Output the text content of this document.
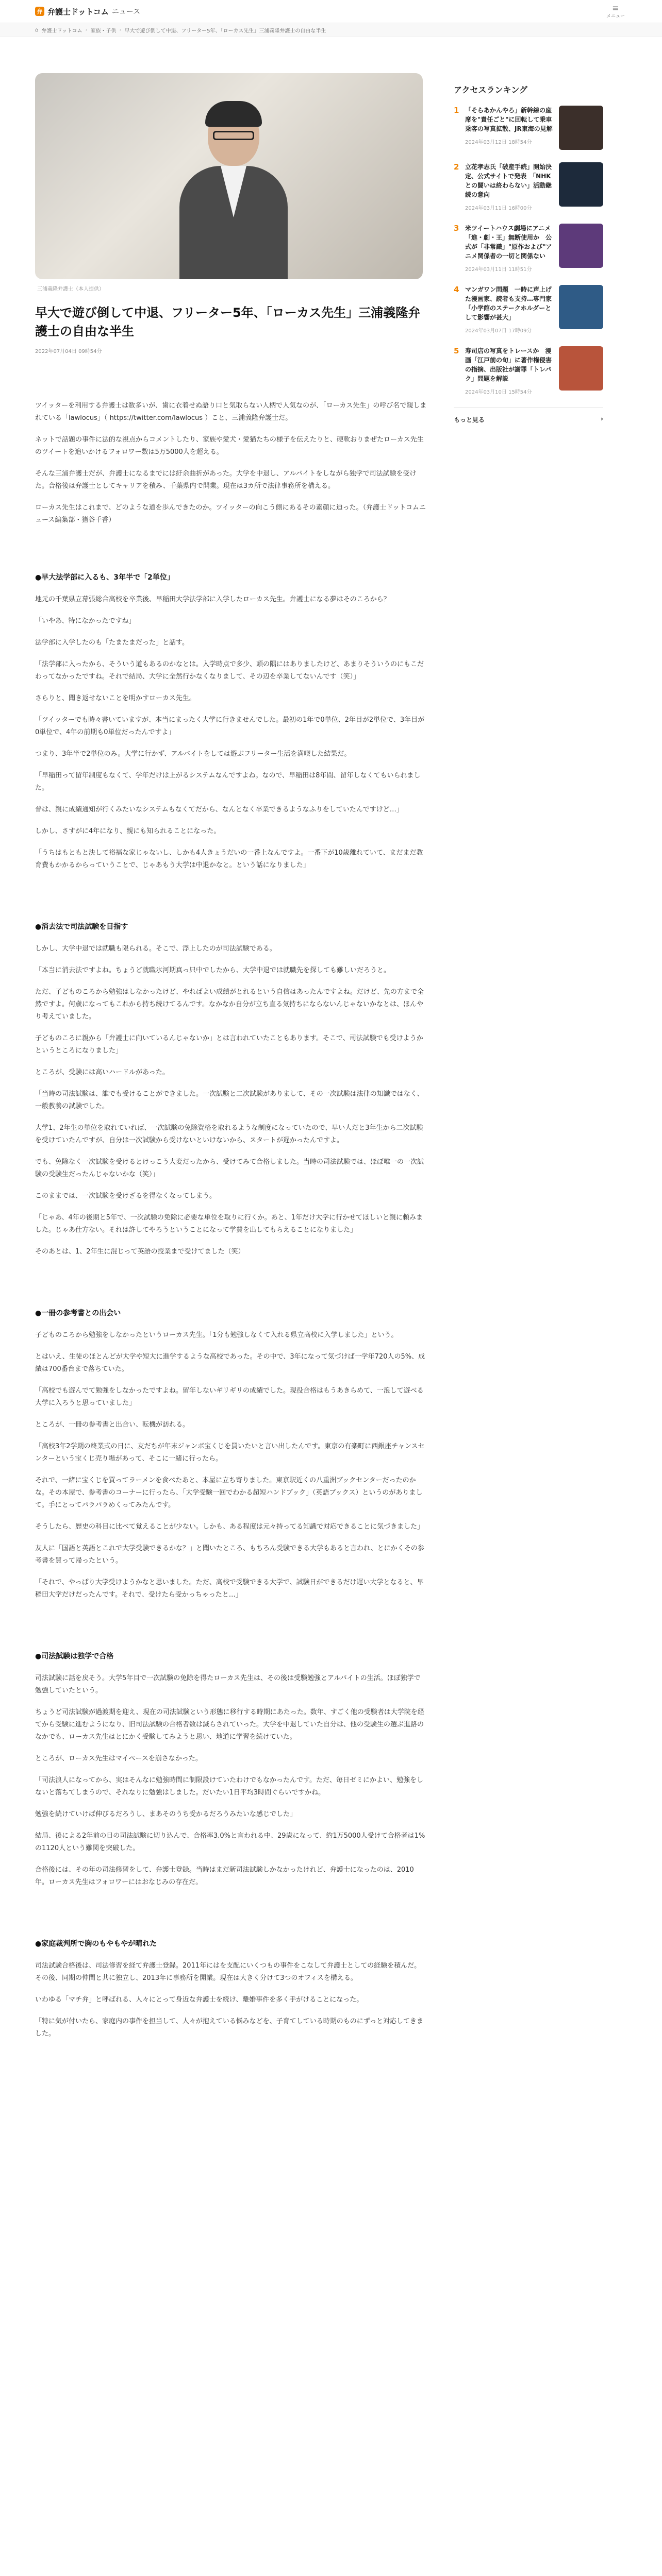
弁 弁護士ドットコム ニュース	≡
メニュー
⌂ 弁護士ドットコム › 家族・子供 › 早大で遊び倒して中退、フリーター5年、「ローカス先生」三浦義隆弁護士の自由な半生
三浦義隆弁護士（本人提供）
早大で遊び倒して中退、フリーター5年、「ローカス先生」三浦義隆弁護士の自由な半生
2022年07月04日 09時54分

ツイッターを利用する弁護士は数多いが、歯に衣着せぬ語り口と気取らない人柄で人気なのが、「ローカス先生」の呼び名で親しまれている「lawlocus」（ https://twitter.com/lawlocus ）こと、三浦義隆弁護士だ。

ネットで話題の事件に法的な視点からコメントしたり、家族や愛犬・愛猫たちの様子を伝えたりと、硬軟おりまぜたローカス先生のツイートを追いかけるフォロワー数は5万5000人を超える。

そんな三浦弁護士だが、弁護士になるまでには紆余曲折があった。大学を中退し、アルバイトをしながら独学で司法試験を受けた。合格後は弁護士としてキャリアを積み、千葉県内で開業。現在は3カ所で法律事務所を構える。

ローカス先生はこれまで、どのような道を歩んできたのか。ツイッターの向こう側にあるその素顔に迫った。（弁護士ドットコムニュース編集部・猪谷千香）

●早大法学部に入るも、3年半で「2単位」

地元の千葉県立幕張総合高校を卒業後、早稲田大学法学部に入学したローカス先生。弁護士になる夢はそのころから？

「いやあ、特になかったですね」

法学部に入学したのも「たまたまだった」と話す。

「法学部に入ったから、そういう道もあるのかなとは。入学時点で多少、頭の隅にはありましたけど、あまりそういうのにもこだわってなかったですね。それで結局、大学に全然行かなくなりまして、その辺を卒業してないんです（笑）」

さらりと、聞き返せないことを明かすローカス先生。

「ツイッターでも時々書いていますが、本当にまったく大学に行きませんでした。最初の1年で0単位、2年目が2単位で、3年目が0単位で、4年の前期も0単位だったんですよ」

つまり、3年半で2単位のみ。大学に行かず、アルバイトをしては遊ぶフリーター生活を満喫した結果だ。

「早稲田って留年制度もなくて、学年だけは上がるシステムなんですよね。なので、早稲田は8年間、留年しなくてもいられました。

普は、親に成績通知が行くみたいなシステムもなくてだから、なんとなく卒業できるようなふりをしていたんですけど…」

しかし、さすがに4年になり、親にも知られることになった。

「うちはもともと決して裕福な家じゃないし、しかも4人きょうだいの一番上なんですよ。一番下が10歳離れていて、まだまだ教育費もかかるからっていうことで、じゃあもう大学は中退かなと。という話になりました」

●消去法で司法試験を目指す

しかし、大学中退では就職も限られる。そこで、浮上したのが司法試験である。

「本当に消去法ですよね。ちょうど就職氷河期真っ只中でしたから、大学中退では就職先を探しても難しいだろうと。

ただ、子どものころから勉強はしなかったけど、やればよい成績がとれるという自信はあったんですよね。だけど、先の方まで全然ですよ。何歳になってもこれから持ち続けてるんです。なかなか自分が立ち直る気持ちにならないんじゃないかなとは、ほんやり考えていました。

子どものころに親から「弁護士に向いているんじゃないか」とは言われていたこともあります。そこで、司法試験でも受けようかというところになりました」

ところが、受験には高いハードルがあった。

「当時の司法試験は、誰でも受けることができました。一次試験と二次試験がありまして、その一次試験は法律の知識ではなく、一般教養の試験でした。

大学1、2年生の単位を取れていれば、一次試験の免除資格を取れるような制度になっていたので、早い人だと3年生から二次試験を受けていたんですが、自分は一次試験から受けないといけないから、スタートが遅かったんですよ。

でも、免除なく一次試験を受けるとけっこう大変だったから、受けてみて合格しました。当時の司法試験では、ほぼ唯一の一次試験の受験生だったんじゃないかな（笑）」

このままでは、一次試験を受けざるを得なくなってしまう。

「じゃあ、4年の後期と5年で、一次試験の免除に必要な単位を取りに行くか。あと、1年だけ大学に行かせてほしいと親に頼みました。じゃあ仕方ない。それは許してやろうということになって学費を出してもらえることになりました」

そのあとは、1、2年生に混じって英語の授業まで受けてました（笑）

●一冊の参考書との出会い

子どものころから勉強をしなかったというローカス先生。「1分も勉強しなくて入れる県立高校に入学しました」という。

とはいえ、生徒のほとんどが大学や短大に進学するような高校であった。その中で、3年になって気づけば一学年720人の5%、成績は700番台まで落ちていた。

「高校でも遊んでて勉強をしなかったですよね。留年しないギリギリの成績でした。現役合格はもうあきらめて、一浪して遊べる大学に入ろうと思っていました」

ところが、一冊の参考書と出合い、転機が訪れる。

「高校3年2学期の終業式の日に、友だちが年末ジャンボ宝くじを買いたいと言い出したんです。東京の有楽町に西銀座チャンスセンターという宝くじ売り場があって、そこに一緒に行ったら。

それで、一緒に宝くじを買ってラーメンを食べたあと、本屋に立ち寄りました。東京駅近くの八重洲ブックセンターだったのかな。その本屋で、参考書のコーナーに行ったら、「大学受験一回でわかる超短ハンドブック」（英語ブックス）というのがありまして。手にとってパラパラめくってみたんです。

そうしたら、歴史の科目に比べて覚えることが少ない。しかも、ある程度は元々持ってる知識で対応できることに気づきました」

友人に「国語と英語とこれで大学受験できるかな？」と聞いたところ、もちろん受験できる大学もあると言われ、とにかくその参考書を買って帰ったという。

「それで、やっぱり大学受けようかなと思いました。ただ、高校で受験できる大学で、試験日ができるだけ遅い大学となると、早稲田大学だけだったんです。それで、受けたら受かっちゃったと…」

●司法試験は独学で合格

司法試験に話を戻そう。大学5年目で一次試験の免除を得たローカス先生は、その後は受験勉強とアルバイトの生活。ほぼ独学で勉強していたという。

ちょうど司法試験が過渡期を迎え、現在の司法試験という形態に移行する時期にあたった。数年、すごく他の受験者は大学院を経てから受験に進むようになり、旧司法試験の合格者数は減らされていった。大学を中退していた自分は、他の受験生の選ぶ進路のなかでも、ローカス先生はとにかく受験してみようと思い、地道に学習を続けていた。

ところが、ローカス先生はマイペースを崩さなかった。

「司法浪人になってから、実はそんなに勉強時間に制限設けていたわけでもなかったんです。ただ、毎日ゼミにかよい、勉強をしないと落ちてしまうので、それなりに勉強はしました。だいたい1日平均3時間ぐらいですかね。

勉強を続けていけば伸びるだろうし、まあそのうち受かるだろうみたいな感じでした」

結局、後による2年前の日の司法試験に切り込んで、合格率3.0%と言われる中、29歳になって、約1万5000人受けて合格者は1%の1120人という難関を突破した。

合格後には、その年の司法修習をして、弁護士登録。当時はまだ新司法試験しかなかったけれど、弁護士になったのは、2010年。ローカス先生はフォロワーにはおなじみの存在だ。

●家庭裁判所で胸のもやもやが晴れた

司法試験合格後は、司法修習を経て弁護士登録。2011年にはを支配にいくつもの事件をこなして弁護士としての経験を積んだ。その後、同期の仲間と共に独立し、2013年に事務所を開業。現在は大きく分けて3つのオフィスを構える。

いわゆる「マチ弁」と呼ばれる、人々にとって身近な弁護士を続け、離婚事件を多く手がけることになった。

「特に気が付いたら、家庭内の事件を担当して、人々が抱えている悩みなどを、子育てしている時期のものにずっと対応してきました。

アクセスランキング
1 「そらあかんやろ」新幹線の座席を"責任ごと"に回転して乗車　乗客の写真拡散、JR東海の見解
2024年03月12日 18時54分
2 立花孝志氏「破産手続」開始決定、公式サイトで発表　「NHKとの闘いは終わらない」活動継続の意向
2024年03月11日 16時00分
3 米ツイートハウス劇場にアニメ「進・劇・王」無断使用か　公式が「非常識」"原作および"アニメ関係者の一切と関係ない
2024年03月11日 11時51分
4 マンガワン問題　一時に声上げた漫画家、読者も支持…専門家「小学館のステークホルダーとして影響が甚大」
2024年03月07日 17時09分
5 寿司店の写真をトレースか　漫画「江戸前の旬」に著作権侵害の指摘、出版社が謝罪「トレパク」問題を解説
2024年03月10日 15時54分
もっと見る	›
